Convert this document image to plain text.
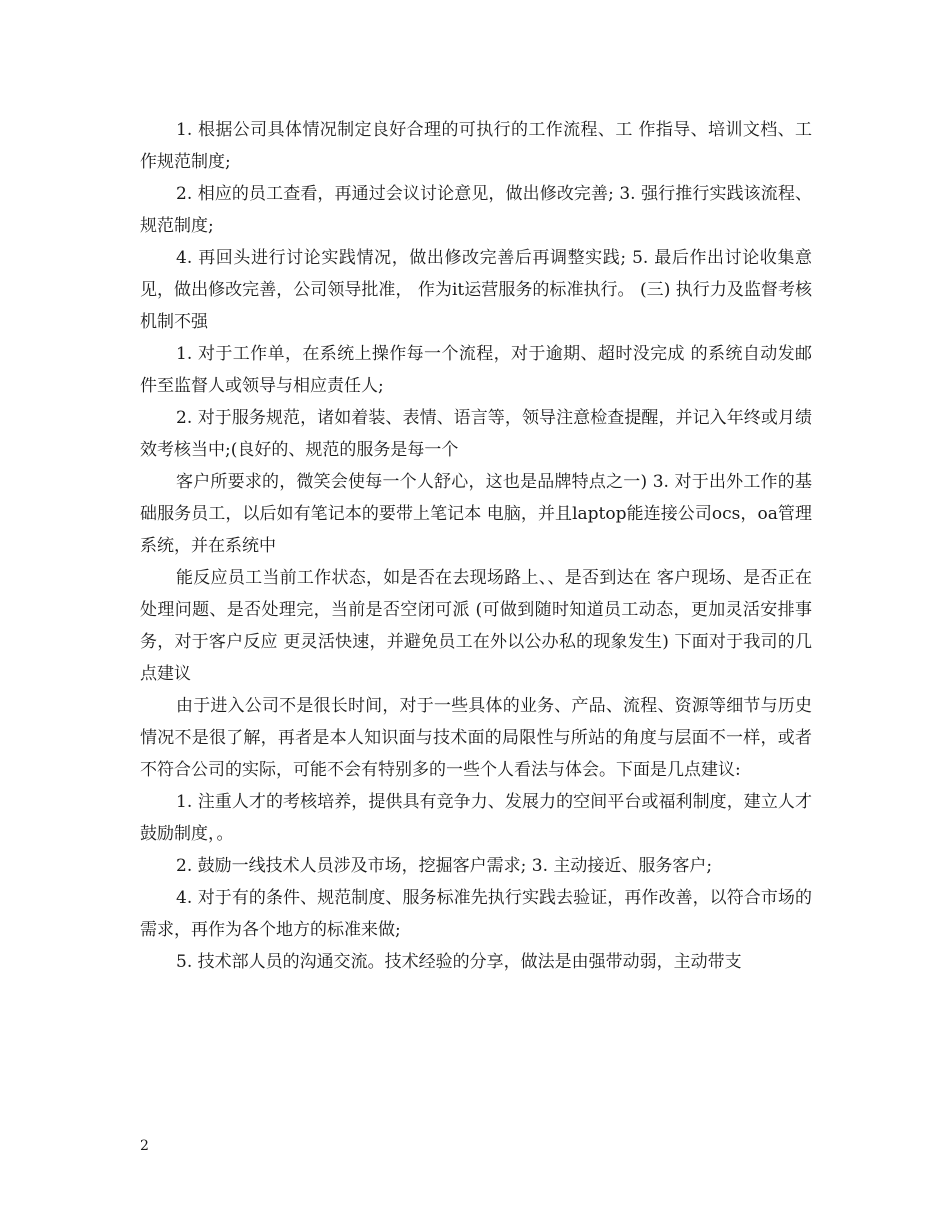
1. 根据公司具体情况制定良好合理的可执行的工作流程、工 作指导、培训文档、工作规范制度;

2. 相应的员工查看，再通过会议讨论意见，做出修改完善; 3. 强行推行实践该流程、规范制度;

4. 再回头进行讨论实践情况，做出修改完善后再调整实践; 5. 最后作出讨论收集意见，做出修改完善，公司领导批准， 作为it运营服务的标准执行。 (三) 执行力及监督考核机制不强

1. 对于工作单，在系统上操作每一个流程，对于逾期、超时没完成 的系统自动发邮件至监督人或领导与相应责任人;

2. 对于服务规范，诸如着装、表情、语言等，领导注意检查提醒，并记入年终或月绩效考核当中;(良好的、规范的服务是每一个

客户所要求的，微笑会使每一个人舒心，这也是品牌特点之一) 3. 对于出外工作的基础服务员工，以后如有笔记本的要带上笔记本 电脑，并且laptop能连接公司ocs，oa管理系统，并在系统中

能反应员工当前工作状态，如是否在去现场路上、、是否到达在 客户现场、是否正在处理问题、是否处理完，当前是否空闭可派 (可做到随时知道员工动态，更加灵活安排事务，对于客户反应 更灵活快速，并避免员工在外以公办私的现象发生) 下面对于我司的几点建议

由于进入公司不是很长时间，对于一些具体的业务、产品、流程、资源等细节与历史情况不是很了解，再者是本人知识面与技术面的局限性与所站的角度与层面不一样，或者不符合公司的实际，可能不会有特别多的一些个人看法与体会。下面是几点建议:

1. 注重人才的考核培养，提供具有竞争力、发展力的空间平台或福利制度，建立人才鼓励制度，。

2. 鼓励一线技术人员涉及市场，挖掘客户需求; 3. 主动接近、服务客户;

4. 对于有的条件、规范制度、服务标准先执行实践去验证，再作改善，以符合市场的需求，再作为各个地方的标准来做;

5. 技术部人员的沟通交流。技术经验的分享，做法是由强带动弱，主动带支

2
